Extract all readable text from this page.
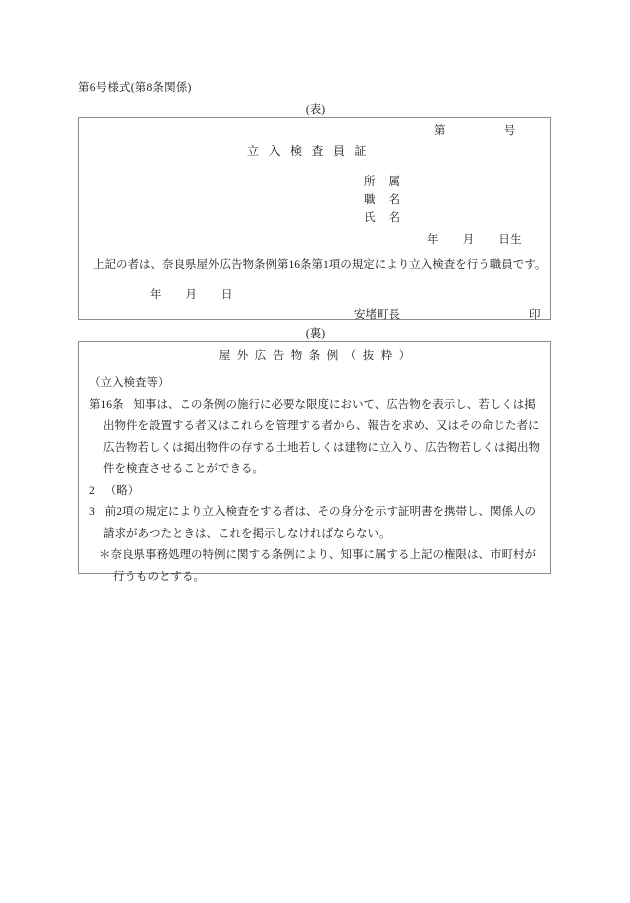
第6号様式(第8条関係)
(表)
第	号
立入検査員証
所 属
職 名
氏 名
年 月 日生
上記の者は、奈良県屋外広告物条例第16条第1項の規定により立入検査を行う職員です。
年 月 日
安堵町長	印
(裏)
屋外広告物条例（抜粋）

（立入検査等）

第16条 知事は、この条例の施行に必要な限度において、広告物を表示し、若しくは掲出物件を設置する者又はこれらを管理する者から、報告を求め、又はその命じた者に広告物若しくは掲出物件の存する土地若しくは建物に立入り、広告物若しくは掲出物件を検査させることができる。

2 （略）

3 前2項の規定により立入検査をする者は、その身分を示す証明書を携帯し、関係人の請求があつたときは、これを掲示しなければならない。

＊奈良県事務処理の特例に関する条例により、知事に属する上記の権限は、市町村が行うものとする。
